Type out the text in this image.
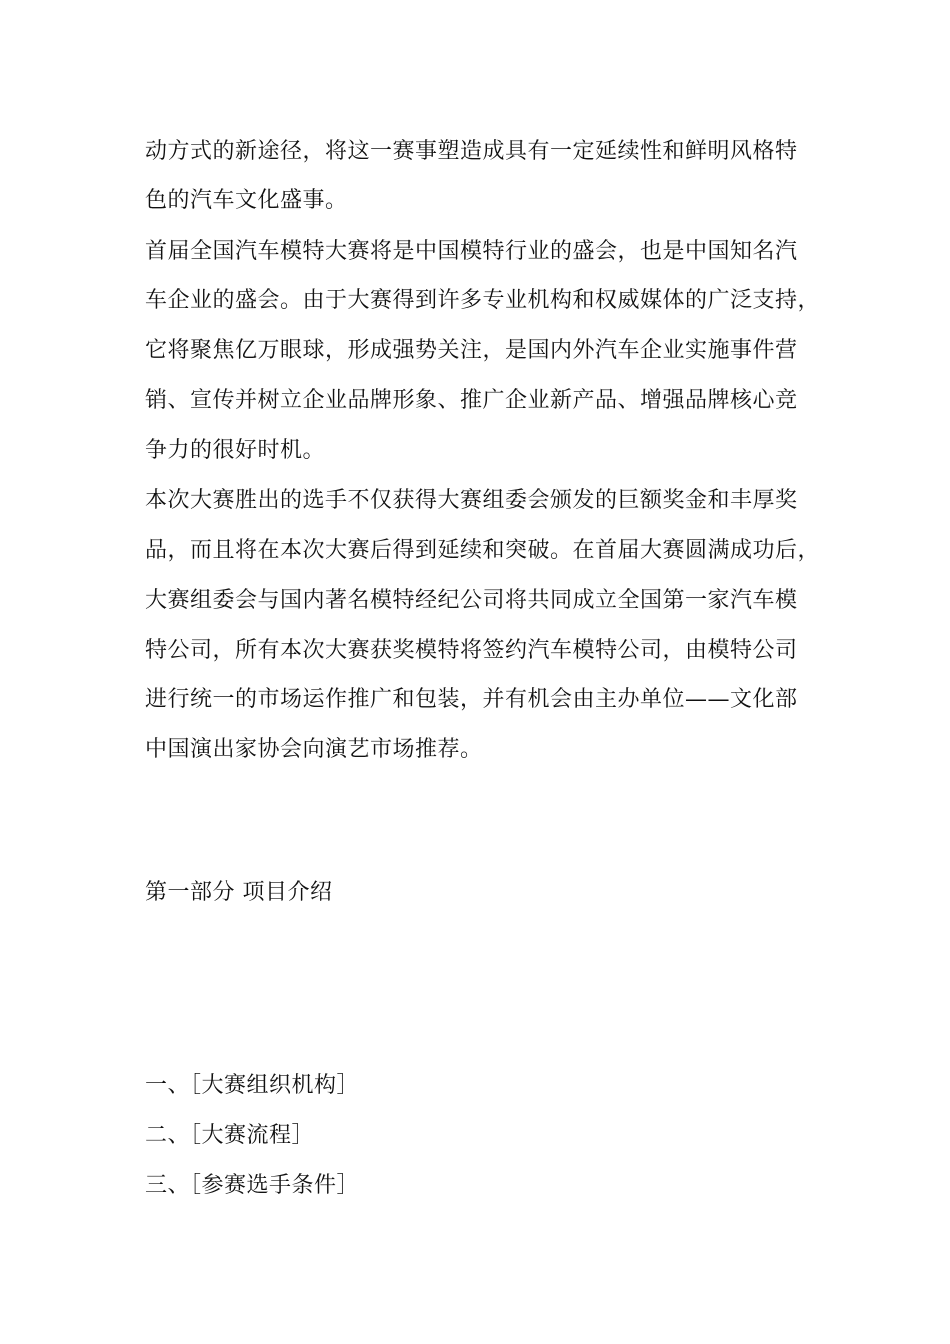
动方式的新途径，将这一赛事塑造成具有一定延续性和鲜明风格特
色的汽车文化盛事。
首届全国汽车模特大赛将是中国模特行业的盛会，也是中国知名汽
车企业的盛会。由于大赛得到许多专业机构和权威媒体的广泛支持，
它将聚焦亿万眼球，形成强势关注，是国内外汽车企业实施事件营
销、宣传并树立企业品牌形象、推广企业新产品、增强品牌核心竞
争力的很好时机。
本次大赛胜出的选手不仅获得大赛组委会颁发的巨额奖金和丰厚奖
品，而且将在本次大赛后得到延续和突破。在首届大赛圆满成功后，
大赛组委会与国内著名模特经纪公司将共同成立全国第一家汽车模
特公司，所有本次大赛获奖模特将签约汽车模特公司，由模特公司
进行统一的市场运作推广和包装，并有机会由主办单位——文化部
中国演出家协会向演艺市场推荐。
第一部分 项目介绍
一、［大赛组织机构］
二、［大赛流程］
三、［参赛选手条件］
